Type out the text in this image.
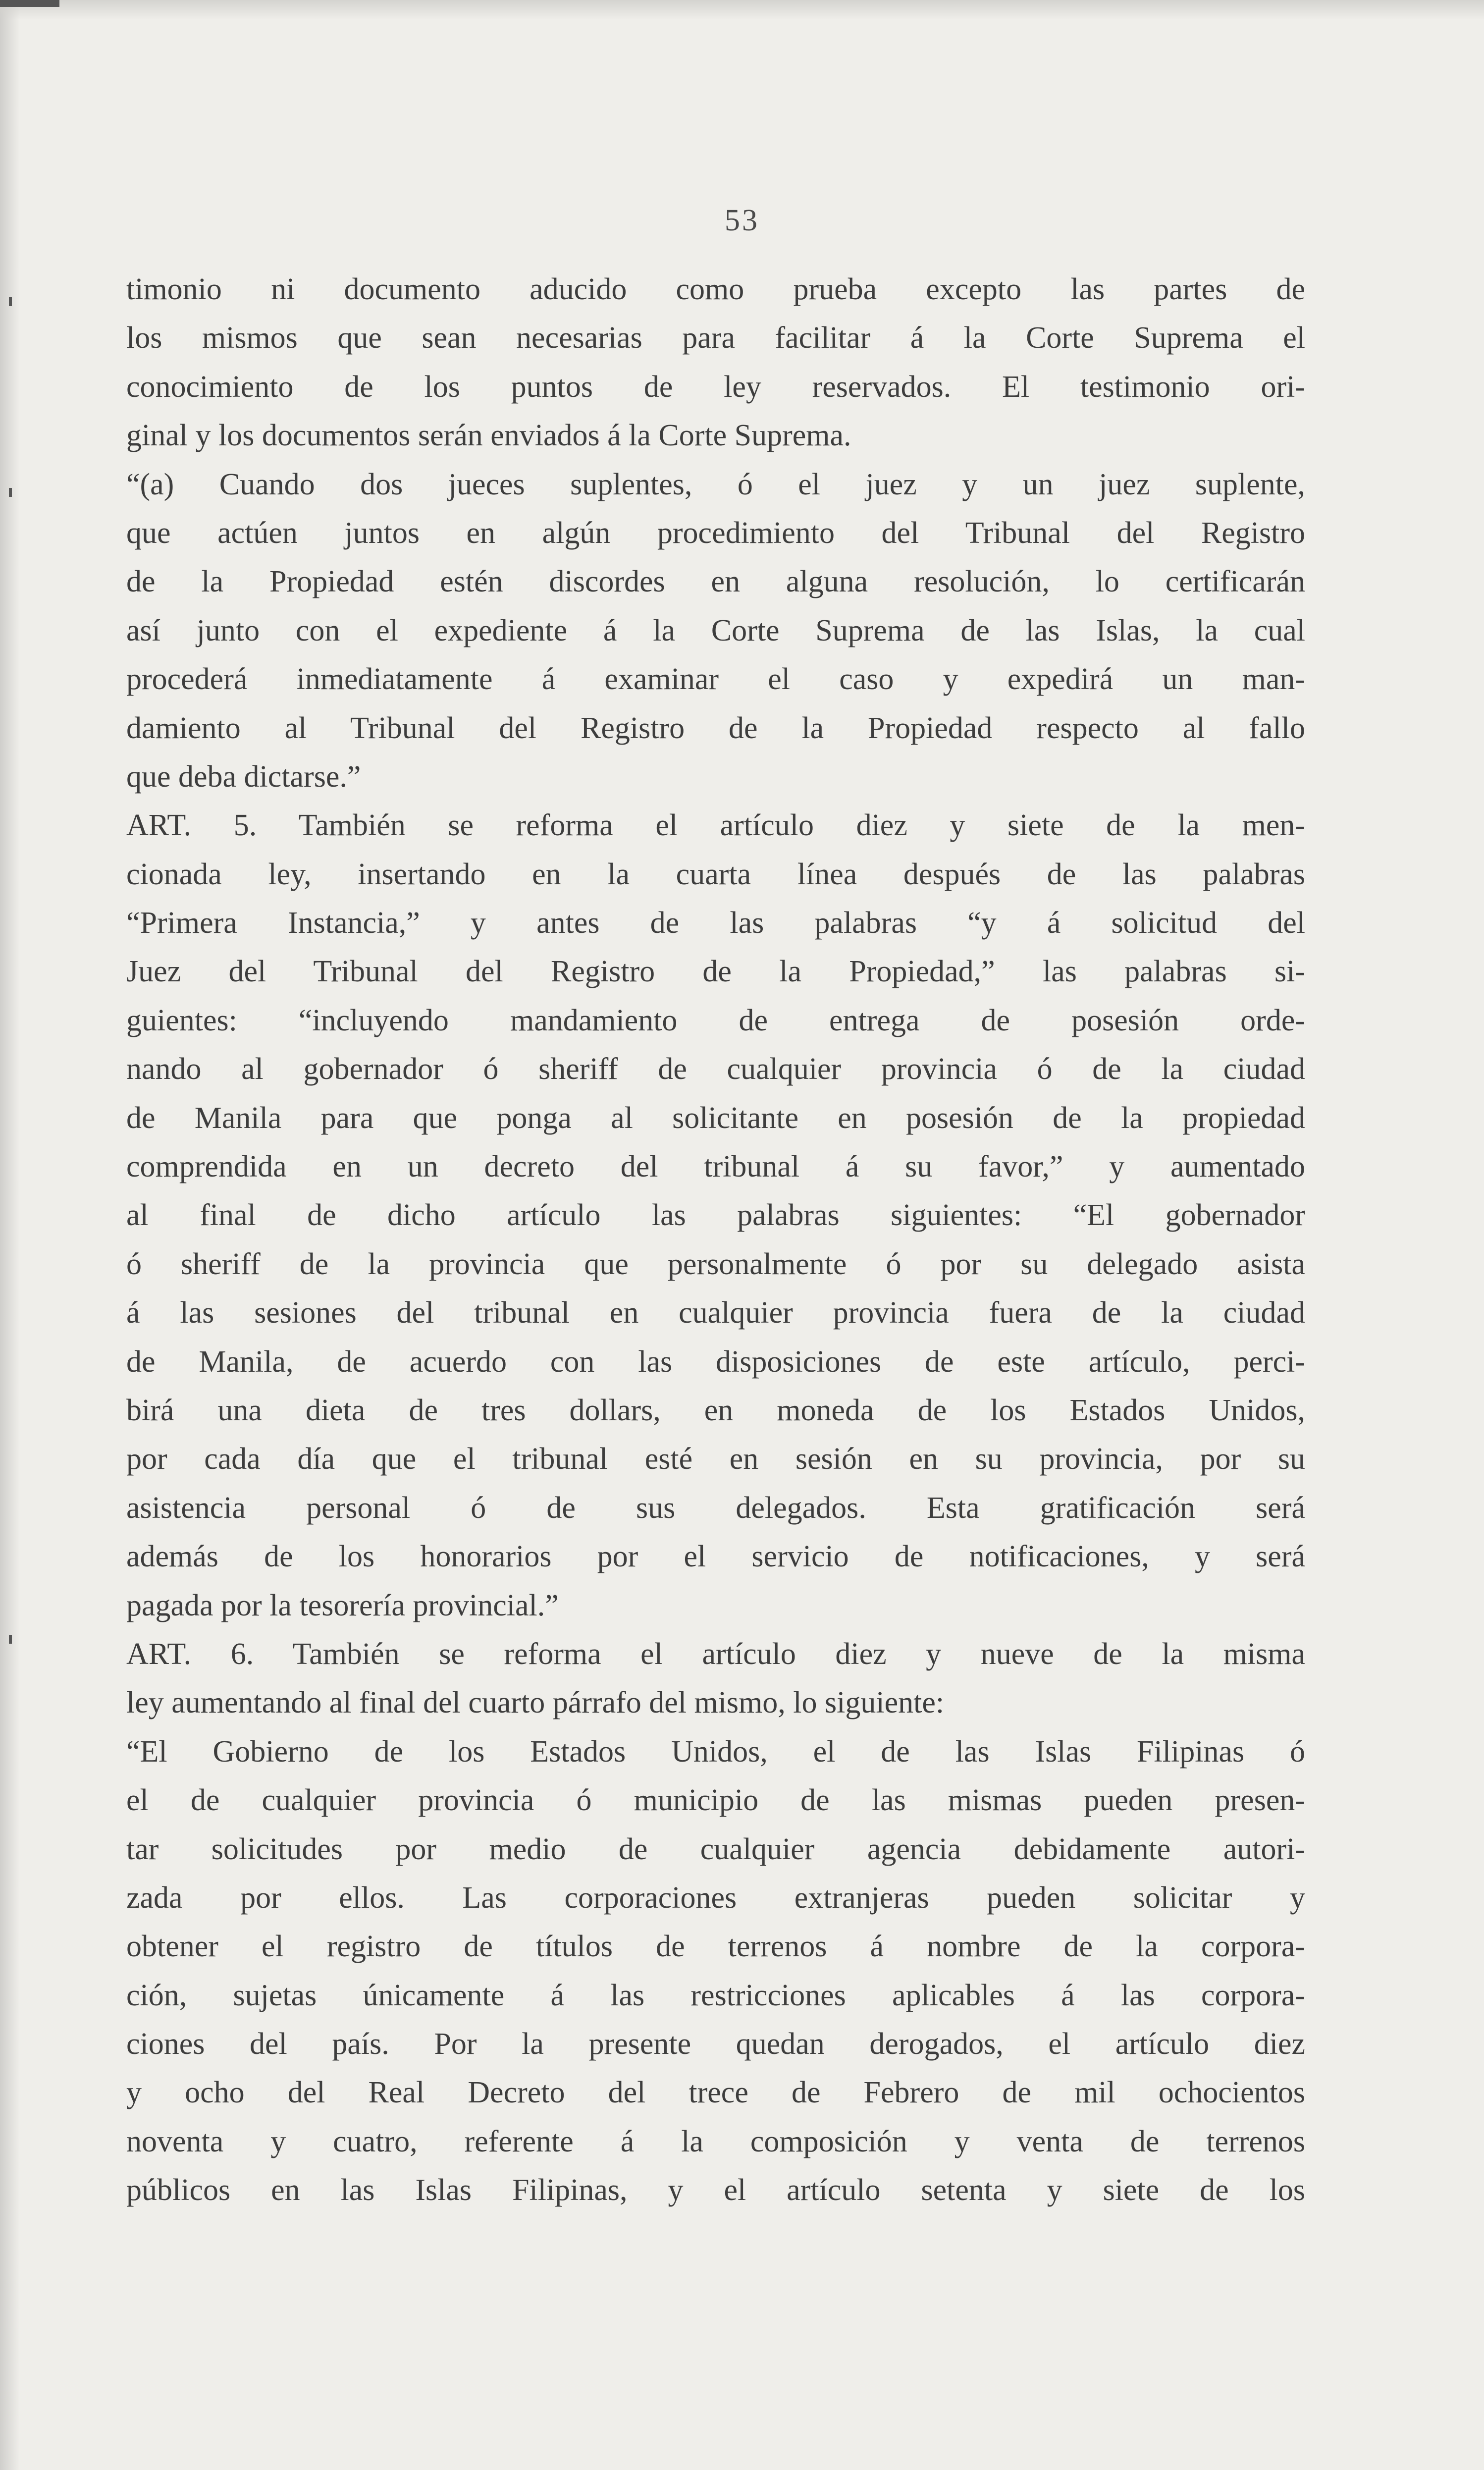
53
timonio ni documento aducido como prueba excepto las partes de
los mismos que sean necesarias para facilitar á la Corte Suprema el
conocimiento de los puntos de ley reservados. El testimonio ori-
ginal y los documentos serán enviados á la Corte Suprema.
“(a) Cuando dos jueces suplentes, ó el juez y un juez suplente,
que actúen juntos en algún procedimiento del Tribunal del Registro
de la Propiedad estén discordes en alguna resolución, lo certificarán
así junto con el expediente á la Corte Suprema de las Islas, la cual
procederá inmediatamente á examinar el caso y expedirá un man-
damiento al Tribunal del Registro de la Propiedad respecto al fallo
que deba dictarse.”
ART. 5. También se reforma el artículo diez y siete de la men-
cionada ley, insertando en la cuarta línea después de las palabras
“Primera Instancia,” y antes de las palabras “y á solicitud del
Juez del Tribunal del Registro de la Propiedad,” las palabras si-
guientes: “incluyendo mandamiento de entrega de posesión orde-
nando al gobernador ó sheriff de cualquier provincia ó de la ciudad
de Manila para que ponga al solicitante en posesión de la propiedad
comprendida en un decreto del tribunal á su favor,” y aumentado
al final de dicho artículo las palabras siguientes: “El gobernador
ó sheriff de la provincia que personalmente ó por su delegado asista
á las sesiones del tribunal en cualquier provincia fuera de la ciudad
de Manila, de acuerdo con las disposiciones de este artículo, perci-
birá una dieta de tres dollars, en moneda de los Estados Unidos,
por cada día que el tribunal esté en sesión en su provincia, por su
asistencia personal ó de sus delegados. Esta gratificación será
además de los honorarios por el servicio de notificaciones, y será
pagada por la tesorería provincial.”
ART. 6. También se reforma el artículo diez y nueve de la misma
ley aumentando al final del cuarto párrafo del mismo, lo siguiente:
“El Gobierno de los Estados Unidos, el de las Islas Filipinas ó
el de cualquier provincia ó municipio de las mismas pueden presen-
tar solicitudes por medio de cualquier agencia debidamente autori-
zada por ellos. Las corporaciones extranjeras pueden solicitar y
obtener el registro de títulos de terrenos á nombre de la corpora-
ción, sujetas únicamente á las restricciones aplicables á las corpora-
ciones del país. Por la presente quedan derogados, el artículo diez
y ocho del Real Decreto del trece de Febrero de mil ochocientos
noventa y cuatro, referente á la composición y venta de terrenos
públicos en las Islas Filipinas, y el artículo setenta y siete de los
